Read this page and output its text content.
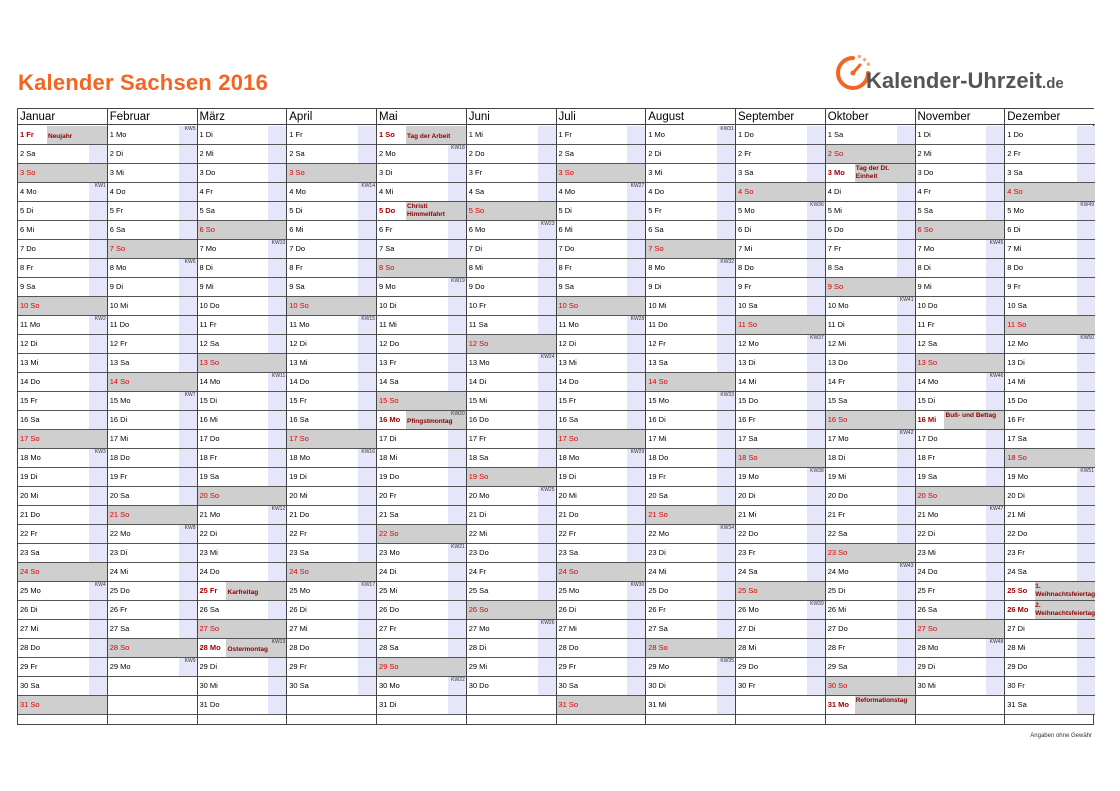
Kalender Sachsen 2016	Kalender-Uhrzeit.de
Januar
1 Fr Neujahr
2 Sa
3 So
4 Mo
KW1
5 Di
6 Mi
7 Do
8 Fr
9 Sa
10 So
11 Mo
KW2
12 Di
13 Mi
14 Do
15 Fr
16 Sa
17 So
18 Mo
KW3
19 Di
20 Mi
21 Do
22 Fr
23 Sa
24 So
25 Mo
KW4
26 Di
27 Mi
28 Do
29 Fr
30 Sa
31 So
Februar
1 Mo
KW5
2 Di
3 Mi
4 Do
5 Fr
6 Sa
7 So
8 Mo
KW6
9 Di
10 Mi
11 Do
12 Fr
13 Sa
14 So
15 Mo
KW7
16 Di
17 Mi
18 Do
19 Fr
20 Sa
21 So
22 Mo
KW8
23 Di
24 Mi
25 Do
26 Fr
27 Sa
28 So
29 Mo
KW9
März
1 Di
2 Mi
3 Do
4 Fr
5 Sa
6 So
7 Mo
KW10
8 Di
9 Mi
10 Do
11 Fr
12 Sa
13 So
14 Mo
KW11
15 Di
16 Mi
17 Do
18 Fr
19 Sa
20 So
21 Mo
KW12
22 Di
23 Mi
24 Do
25 Fr Karfreitag
26 Sa
27 So
28 Mo Ostermontag
KW13
29 Di
30 Mi
31 Do
April
1 Fr
2 Sa
3 So
4 Mo
KW14
5 Di
6 Mi
7 Do
8 Fr
9 Sa
10 So
11 Mo
KW15
12 Di
13 Mi
14 Do
15 Fr
16 Sa
17 So
18 Mo
KW16
19 Di
20 Mi
21 Do
22 Fr
23 Sa
24 So
25 Mo
KW17
26 Di
27 Mi
28 Do
29 Fr
30 Sa
Mai
1 So Tag der Arbeit
2 Mo
KW18
3 Di
4 Mi
5 Do Christi Himmelfahrt
6 Fr
7 Sa
8 So
9 Mo
KW19
10 Di
11 Mi
12 Do
13 Fr
14 Sa
15 So
16 Mo Pfingstmontag
KW20
17 Di
18 Mi
19 Do
20 Fr
21 Sa
22 So
23 Mo
KW21
24 Di
25 Mi
26 Do
27 Fr
28 Sa
29 So
30 Mo
KW22
31 Di
Juni
1 Mi
2 Do
3 Fr
4 Sa
5 So
6 Mo
KW23
7 Di
8 Mi
9 Do
10 Fr
11 Sa
12 So
13 Mo
KW24
14 Di
15 Mi
16 Do
17 Fr
18 Sa
19 So
20 Mo
KW25
21 Di
22 Mi
23 Do
24 Fr
25 Sa
26 So
27 Mo
KW26
28 Di
29 Mi
30 Do
Juli
1 Fr
2 Sa
3 So
4 Mo
KW27
5 Di
6 Mi
7 Do
8 Fr
9 Sa
10 So
11 Mo
KW28
12 Di
13 Mi
14 Do
15 Fr
16 Sa
17 So
18 Mo
KW29
19 Di
20 Mi
21 Do
22 Fr
23 Sa
24 So
25 Mo
KW30
26 Di
27 Mi
28 Do
29 Fr
30 Sa
31 So
August
1 Mo
KW31
2 Di
3 Mi
4 Do
5 Fr
6 Sa
7 So
8 Mo
KW32
9 Di
10 Mi
11 Do
12 Fr
13 Sa
14 So
15 Mo
KW33
16 Di
17 Mi
18 Do
19 Fr
20 Sa
21 So
22 Mo
KW34
23 Di
24 Mi
25 Do
26 Fr
27 Sa
28 So
29 Mo
KW35
30 Di
31 Mi
September
1 Do
2 Fr
3 Sa
4 So
5 Mo
KW36
6 Di
7 Mi
8 Do
9 Fr
10 Sa
11 So
12 Mo
KW37
13 Di
14 Mi
15 Do
16 Fr
17 Sa
18 So
19 Mo
KW38
20 Di
21 Mi
22 Do
23 Fr
24 Sa
25 So
26 Mo
KW39
27 Di
28 Mi
29 Do
30 Fr
Oktober
1 Sa
2 So
3 Mo Tag der Dt. Einheit
4 Di
5 Mi
6 Do
7 Fr
8 Sa
9 So
10 Mo
KW41
11 Di
12 Mi
13 Do
14 Fr
15 Sa
16 So
17 Mo
KW42
18 Di
19 Mi
20 Do
21 Fr
22 Sa
23 So
24 Mo
KW43
25 Di
26 Mi
27 Do
28 Fr
29 Sa
30 So
31 Mo Reformationstag
November
1 Di
2 Mi
3 Do
4 Fr
5 Sa
6 So
7 Mo
KW45
8 Di
9 Mi
10 Do
11 Fr
12 Sa
13 So
14 Mo
KW46
15 Di
16 Mi Buß- und Bettag
17 Do
18 Fr
19 Sa
20 So
21 Mo
KW47
22 Di
23 Mi
24 Do
25 Fr
26 Sa
27 So
28 Mo
KW48
29 Di
30 Mi
Dezember
1 Do
2 Fr
3 Sa
4 So
5 Mo
KW49
6 Di
7 Mi
8 Do
9 Fr
10 Sa
11 So
12 Mo
KW50
13 Di
14 Mi
15 Do
16 Fr
17 Sa
18 So
19 Mo
KW51
20 Di
21 Mi
22 Do
23 Fr
24 Sa
25 So 1. Weihnachtsfeiertag
26 Mo 2. Weihnachtsfeiertag
27 Di
28 Mi
29 Do
30 Fr
31 Sa
Angaben ohne Gewähr
